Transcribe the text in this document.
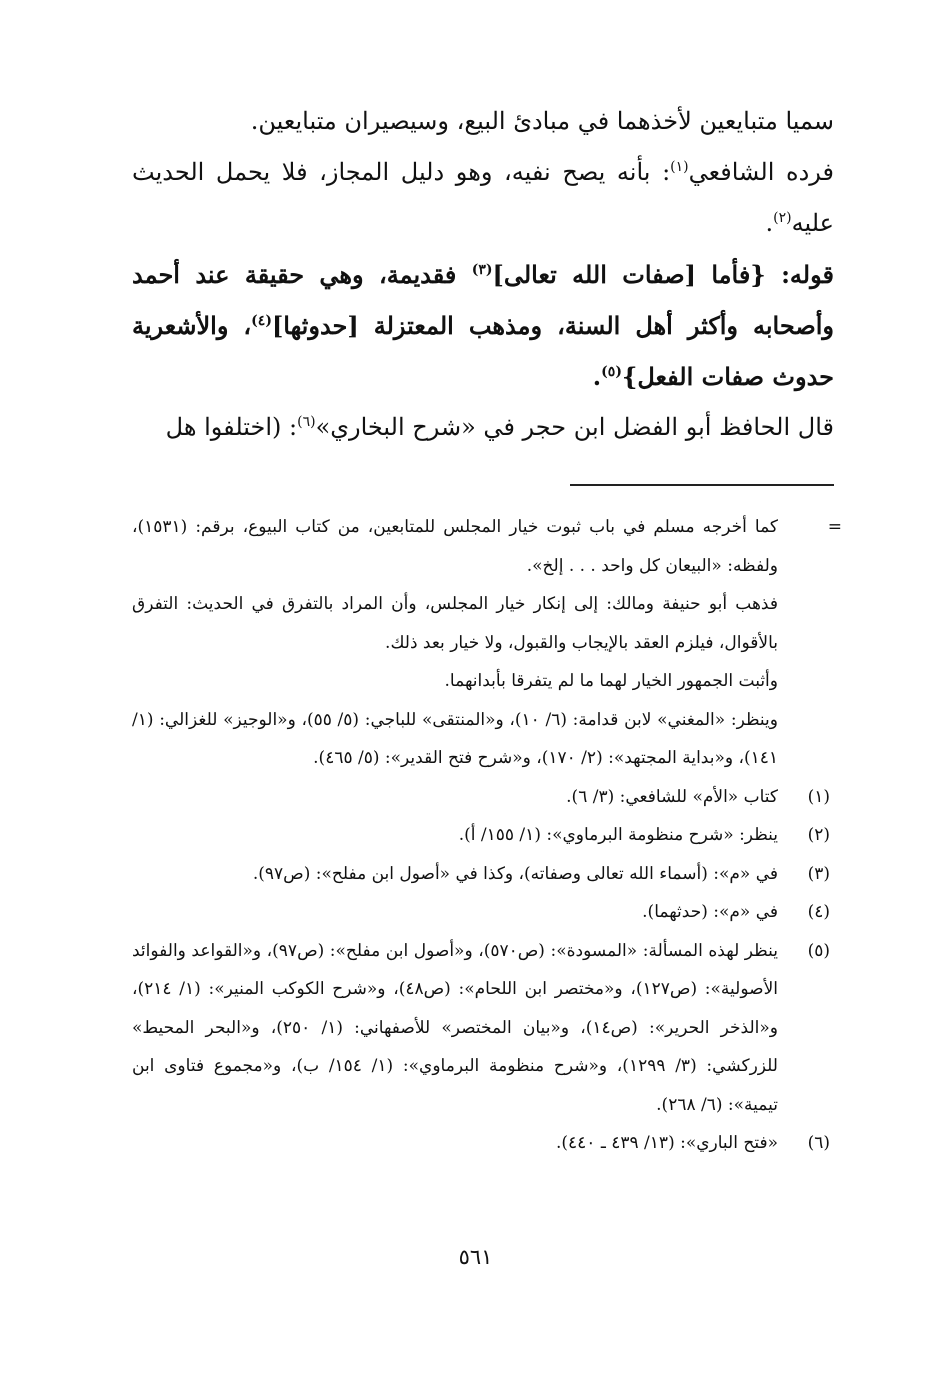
سميا متبايعين لأخذهما في مبادئ البيع، وسيصيران متبايعين.

فرده الشافعي$^{(١)}$: بأنه يصح نفيه، وهو دليل المجاز، فلا يحمل الحديث عليه$^{(٢)}$.

قوله: {فأما [صفات الله تعالى]$^{(٣)}$ فقديمة، وهي حقيقة عند أحمد وأصحابه وأكثر أهل السنة، ومذهب المعتزلة [حدوثها]$^{(٤)}$، والأشعرية حدوث صفات الفعل}$^{(٥)}$.

قال الحافظ أبو الفضل ابن حجر في «شرح البخاري»$^{(٦)}$: (اختلفوا هل

=

كما أخرجه مسلم في باب ثبوت خيار المجلس للمتابعين، من كتاب البيوع، برقم: (١٥٣١)، ولفظه: «البيعان كل واحد . . . إلخ».

فذهب أبو حنيفة ومالك: إلى إنكار خيار المجلس، وأن المراد بالتفرق في الحديث: التفرق بالأقوال، فيلزم العقد بالإيجاب والقبول، ولا خيار بعد ذلك.

وأثبت الجمهور الخيار لهما ما لم يتفرقا بأبدانهما.

وينظر: «المغني» لابن قدامة: (٦/ ١٠)، و«المنتقى» للباجي: (٥/ ٥٥)، و«الوجيز» للغزالي: (١/ ١٤١)، و«بداية المجتهد»: (٢/ ١٧٠)، و«شرح فتح القدير»: (٥/ ٤٦٥).

(١)
كتاب «الأم» للشافعي: (٣/ ٦).
(٢)
ينظر: «شرح منظومة البرماوي»: (١/ ١٥٥/ أ).
(٣)
في «م»: (أسماء الله تعالى وصفاته)، وكذا في «أصول ابن مفلح»: (ص٩٧).
(٤)
في «م»: (حدثهما).
(٥)
ينظر لهذه المسألة: «المسودة»: (ص٥٧٠)، و«أصول ابن مفلح»: (ص٩٧)، و«القواعد والفوائد الأصولية»: (ص١٢٧)، و«مختصر ابن اللحام»: (ص٤٨)، و«شرح الكوكب المنير»: (١/ ٢١٤)، و«الذخر الحرير»: (ص١٤)، و«بيان المختصر» للأصفهاني: (١/ ٢٥٠)، و«البحر المحيط» للزركشي: (٣/ ١٢٩٩)، و«شرح منظومة البرماوي»: (١/ ١٥٤/ ب)، و«مجموع فتاوى ابن تيمية»: (٦/ ٢٦٨).
(٦)
«فتح الباري»: (١٣/ ٤٣٩ ـ ٤٤٠).
٥٦١
